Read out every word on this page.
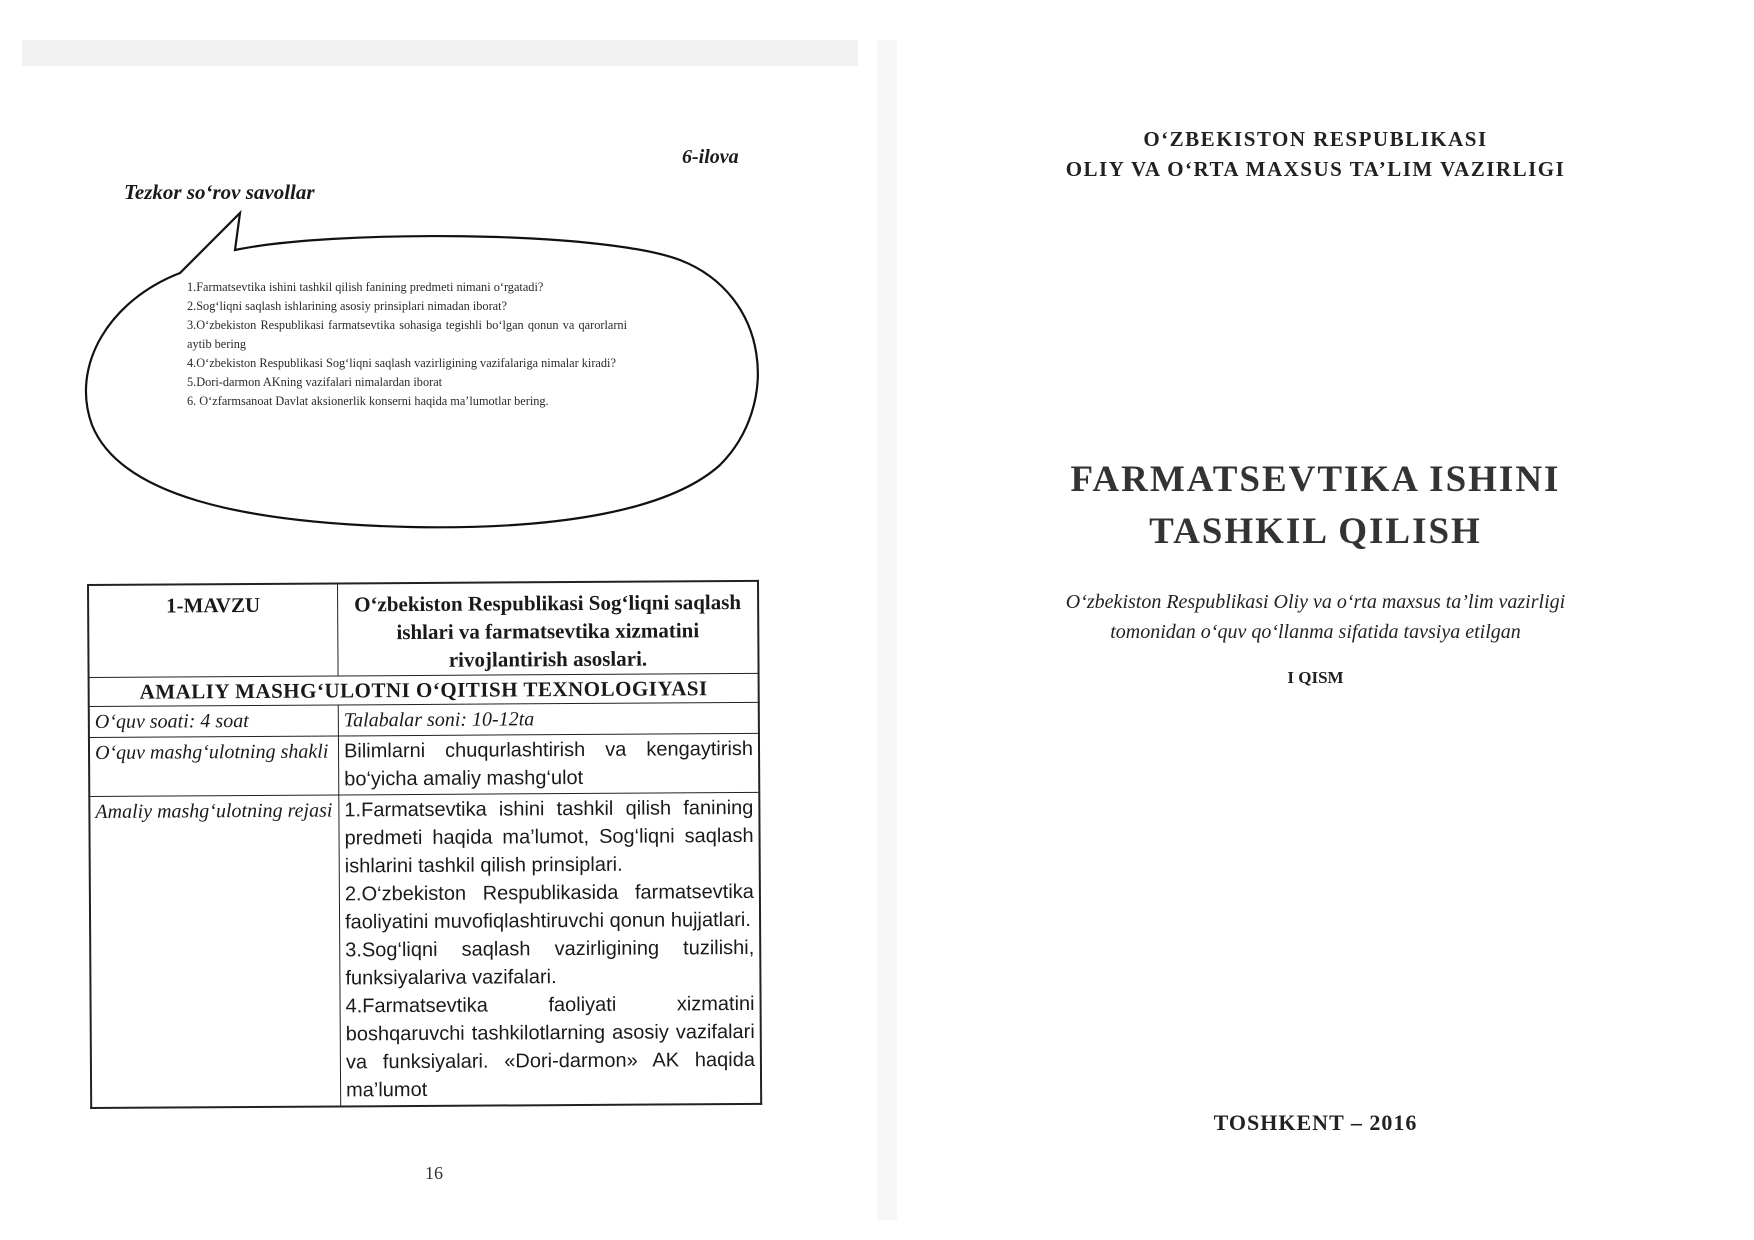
6-ilova
Tezkor so‘rov savollar
1.Farmatsevtika ishini tashkil qilish fanining predmeti nimani o‘rgatadi?
2.Sog‘liqni saqlash ishlarining asosiy prinsiplari nimadan iborat?
3.O‘zbekiston Respublikasi farmatsevtika sohasiga tegishli bo‘lgan qonun va qarorlarni aytib bering
4.O‘zbekiston Respublikasi Sog‘liqni saqlash vazirligining vazifalariga nimalar kiradi?
5.Dori-darmon AKning vazifalari nimalardan iborat
6. O‘zfarmsanoat Davlat aksionerlik konserni haqida ma’lumotlar bering.
1-MAVZU	O‘zbekiston Respublikasi Sog‘liqni saqlash ishlari va farmatsevtika xizmatini rivojlantirish asoslari.
AMALIY MASHG‘ULOTNI O‘QITISH TEXNOLOGIYASI	
O‘quv soati: 4 soat	Talabalar soni: 10-12ta
O‘quv mashg‘ulotning shakli	Bilimlarni chuqurlashtirish va kengaytirish bo‘yicha amaliy mashg‘ulot
Amaliy mashg‘ulotning rejasi	1.Farmatsevtika ishini tashkil qilish fanining predmeti haqida ma’lumot, Sog‘liqni saqlash ishlarini tashkil qilish prinsiplari.

2.O‘zbekiston Respublikasida farmatsevtika faoliyatini muvofiqlashtiruvchi qonun hujjatlari.

3.Sog‘liqni saqlash vazirligining tuzilishi, funksiyalariva vazifalari.

4.Farmatsevtika faoliyati xizmatini boshqaruvchi tashkilotlarning asosiy vazifalari va funksiyalari. «Dori-darmon» AK haqida ma’lumot

16
O‘ZBEKISTON RESPUBLIKASI
OLIY VA O‘RTA MAXSUS TA’LIM VAZIRLIGI
FARMATSEVTIKA ISHINI
TASHKIL QILISH
O‘zbekiston Respublikasi Oliy va o‘rta maxsus ta’lim vazirligi
tomonidan o‘quv qo‘llanma sifatida tavsiya etilgan
I QISM
TOSHKENT – 2016
